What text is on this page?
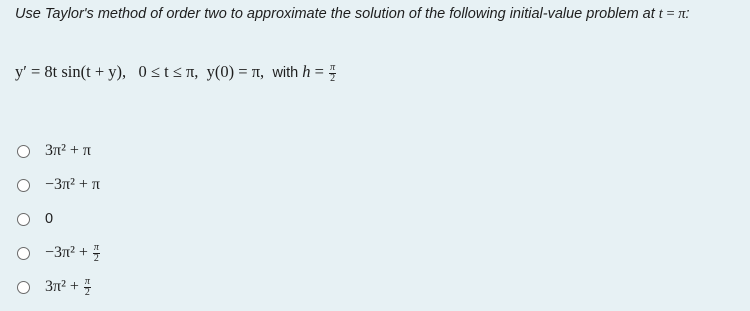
Use Taylor's method of order two to approximate the solution of the following initial-value problem at t = π:
y′ = 8t sin(t + y), 0 ≤ t ≤ π, y(0) = π, with $h = \frac{\pi}{2}$
3π² + π
−3π² + π
0
$-3\pi^2 + \frac{\pi}{2}$
$3\pi^2 + \frac{\pi}{2}$
